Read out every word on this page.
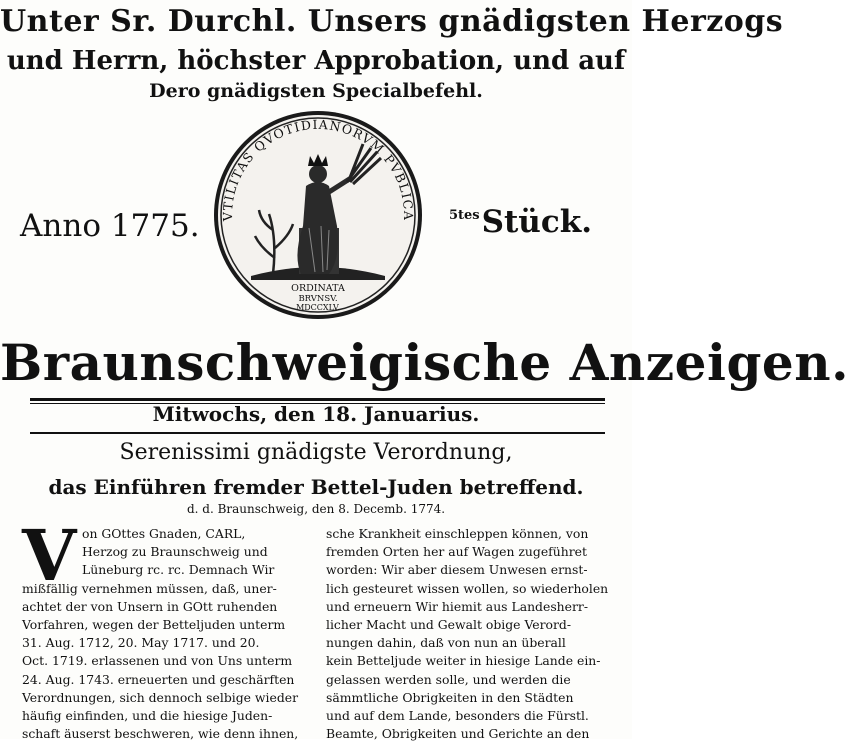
Unter Sr. Durchl. Unsers gnädigsten Herzogs
und Herrn, höchster Approbation, und auf
Dero gnädigsten Specialbefehl.
Anno 1775.	$^{5tes}$Stück.
VTILITAS QVOTIDIANORVM PVBLICA
ORDINATA
BRVNSV.
MDCCXLV.
Braunschweigische Anzeigen.
Mitwochs, den 18. Januarius.
Serenissimi gnädigste Verordnung,
das Einführen fremder Bettel-Juden betreffend.
d. d. Braunschweig, den 8. Decemb. 1774.
V on GOttes Gnaden, CARL,
Herzog zu Braunschweig und
Lüneburg rc. rc. Demnach Wir
mißfällig vernehmen müssen, daß, uner-
achtet der von Unsern in GOtt ruhenden
Vorfahren, wegen der Betteljuden unterm
31. Aug. 1712, 20. May 1717. und 20.
Oct. 1719. erlassenen und von Uns unterm
24. Aug. 1743. erneuerten und geschärften
Verordnungen, sich dennoch selbige wieder
häufig einfinden, und die hiesige Juden-
schaft äuserst beschweren, wie denn ihnen,
sche Krankheit einschleppen können, von
fremden Orten her auf Wagen zugeführet
worden: Wir aber diesem Unwesen ernst-
lich gesteuret wissen wollen, so wiederholen
und erneuern Wir hiemit aus Landesherr-
licher Macht und Gewalt obige Verord-
nungen dahin, daß von nun an überall
kein Betteljude weiter in hiesige Lande ein-
gelassen werden solle, und werden die
sämmtliche Obrigkeiten in den Städten
und auf dem Lande, besonders die Fürstl.
Beamte, Obrigkeiten und Gerichte an den
